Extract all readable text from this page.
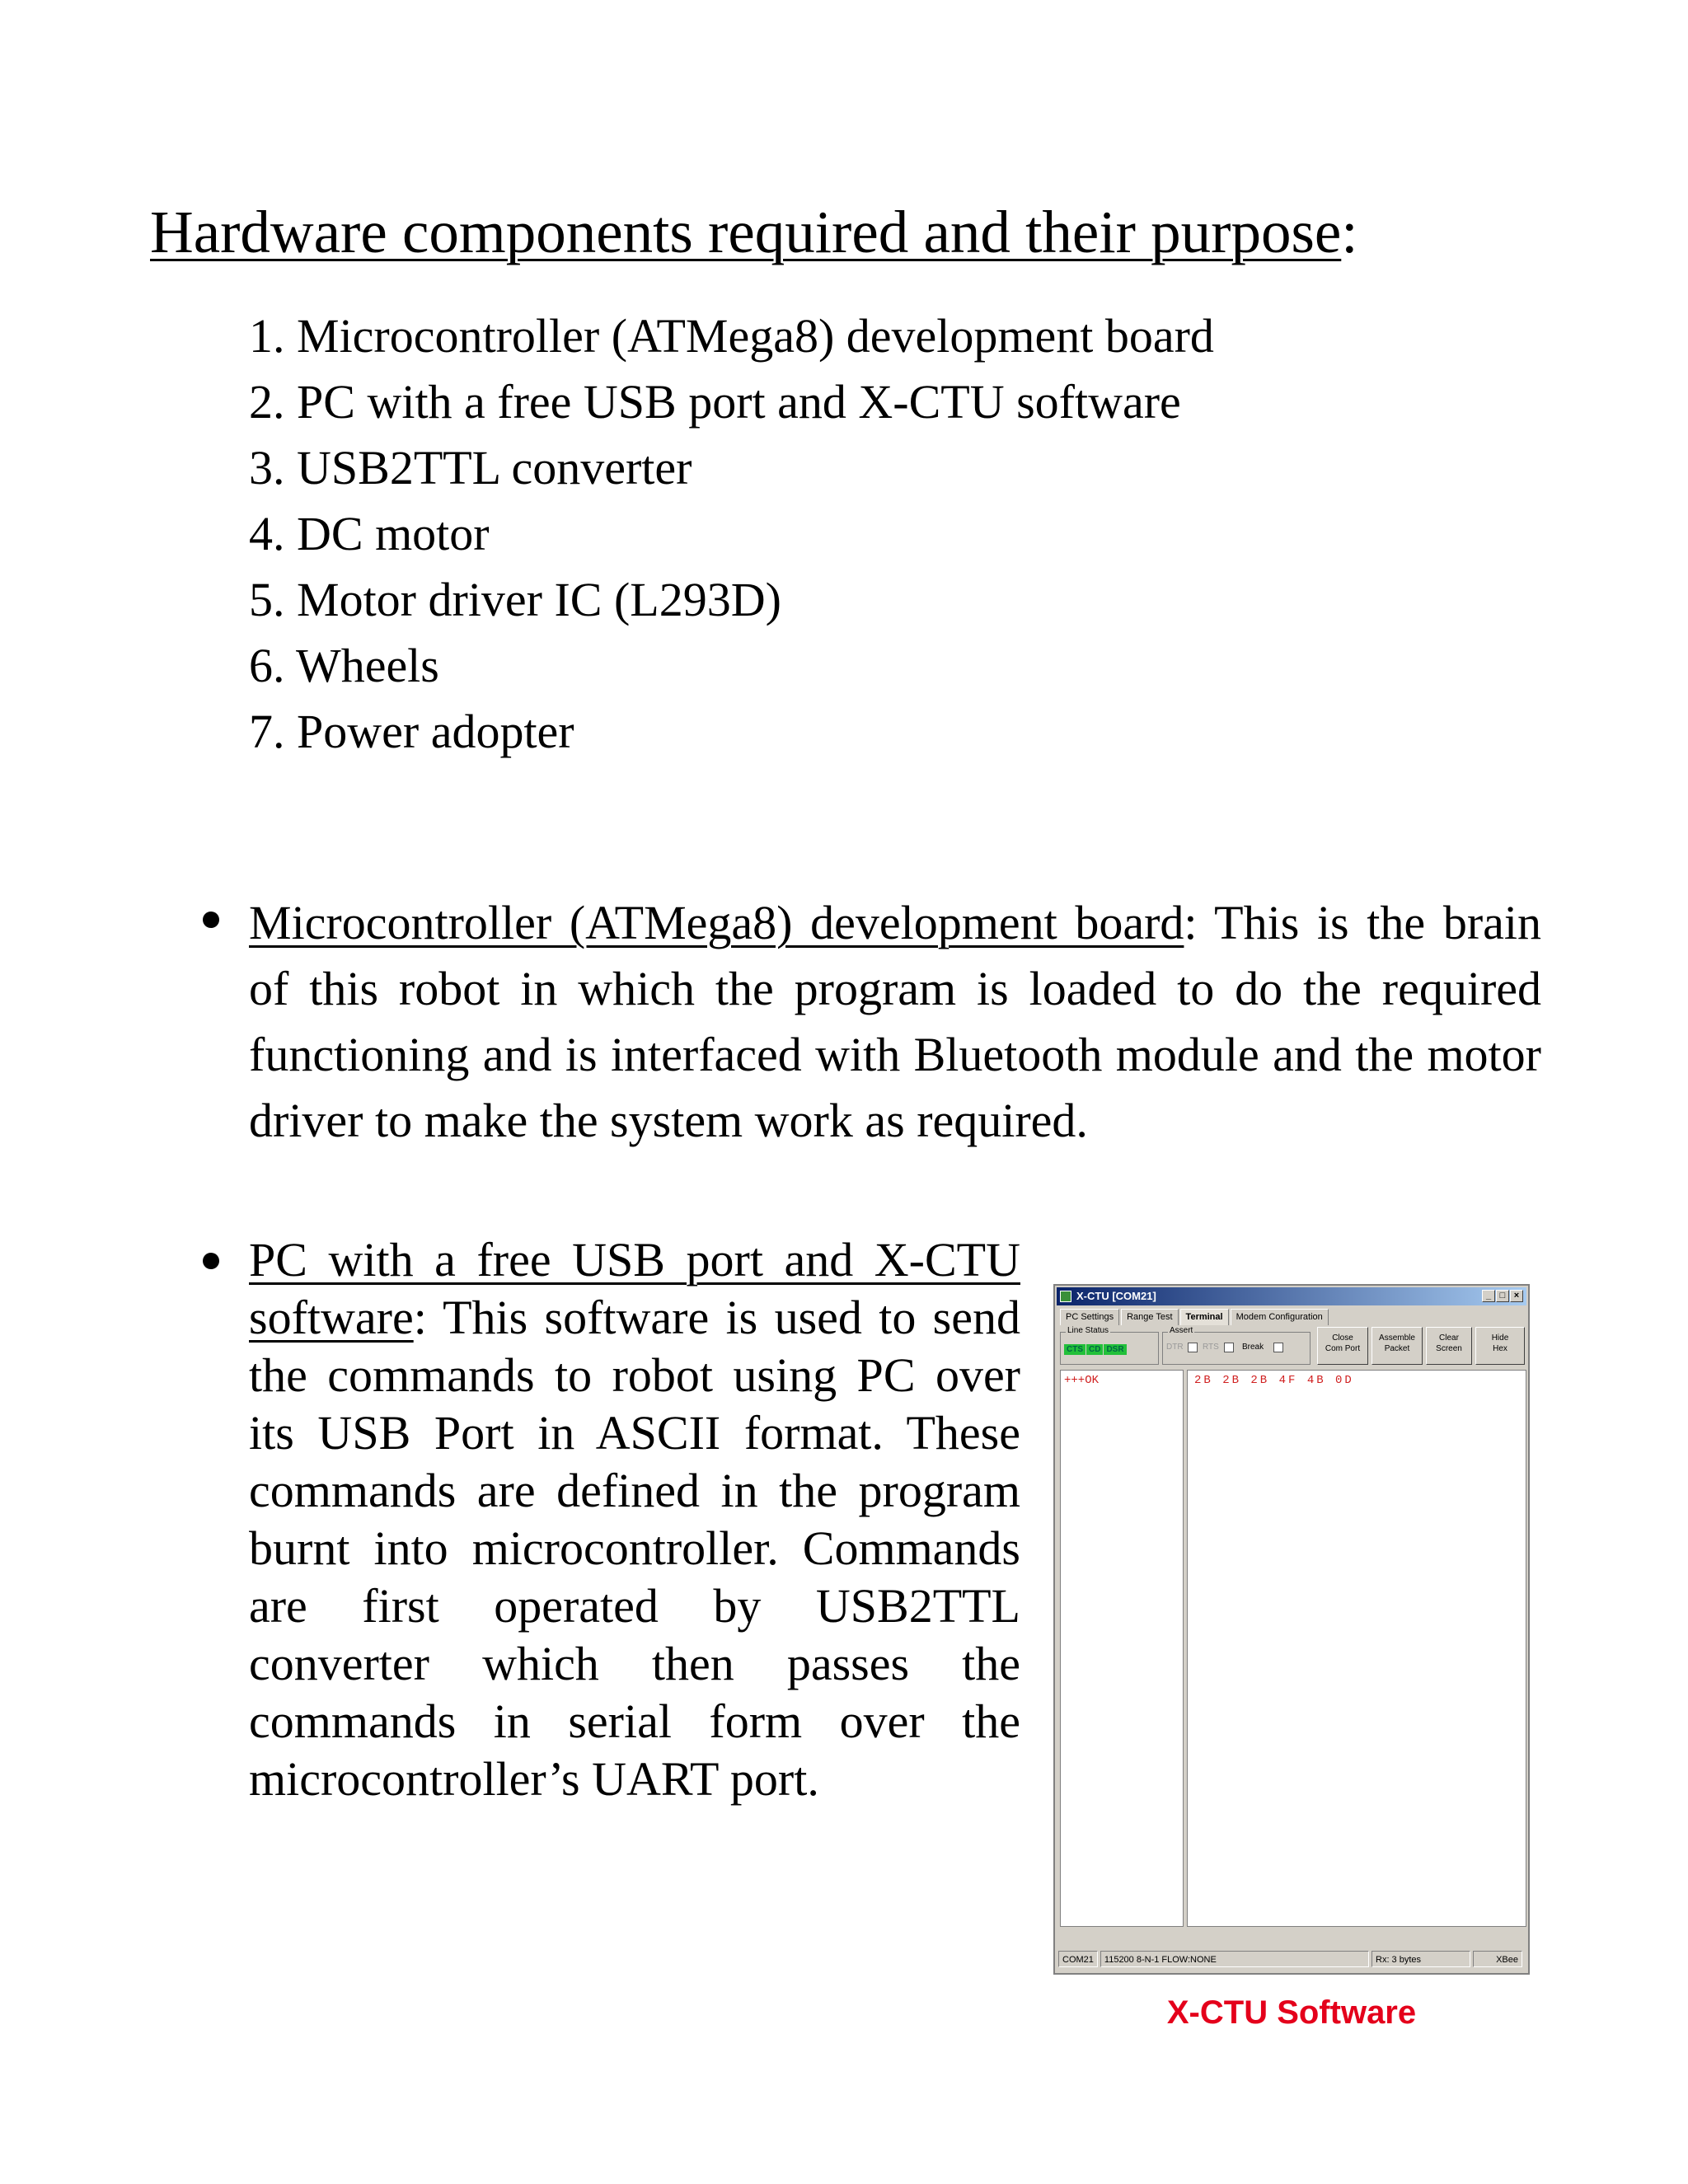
Hardware components required and their purpose:
1. Microcontroller (ATMega8) development board
2. PC with a free USB port and X-CTU software
3. USB2TTL converter
4. DC motor
5. Motor driver IC (L293D)
6. Wheels
7. Power adopter

Microcontroller (ATMega8) development board: This is the brain of this robot in which the program is loaded to do the required functioning and is interfaced with Bluetooth module and the motor driver to make the system work as required.

PC with a free USB port and X-CTU software: This software is used to send the commands to robot using PC over its USB Port in ASCII format. These commands are defined in the program burnt into microcontroller. Commands are first operated by USB2TTL converter which then passes the commands in serial form over the microcontroller’s UART port.

X-CTU [COM21]	_ □ ×
PC Settings	Range Test	Terminal	Modem Configuration
Line Status
CTS CD DSR
Assert
DTR RTS	Break
Close
Com Port
Assemble
Packet
Clear
Screen
Hide
Hex
+++OK	2B 2B 2B 4F 4B 0D
COM21	115200 8-N-1 FLOW:NONE	Rx: 3 bytes	XBee
X-CTU Software
